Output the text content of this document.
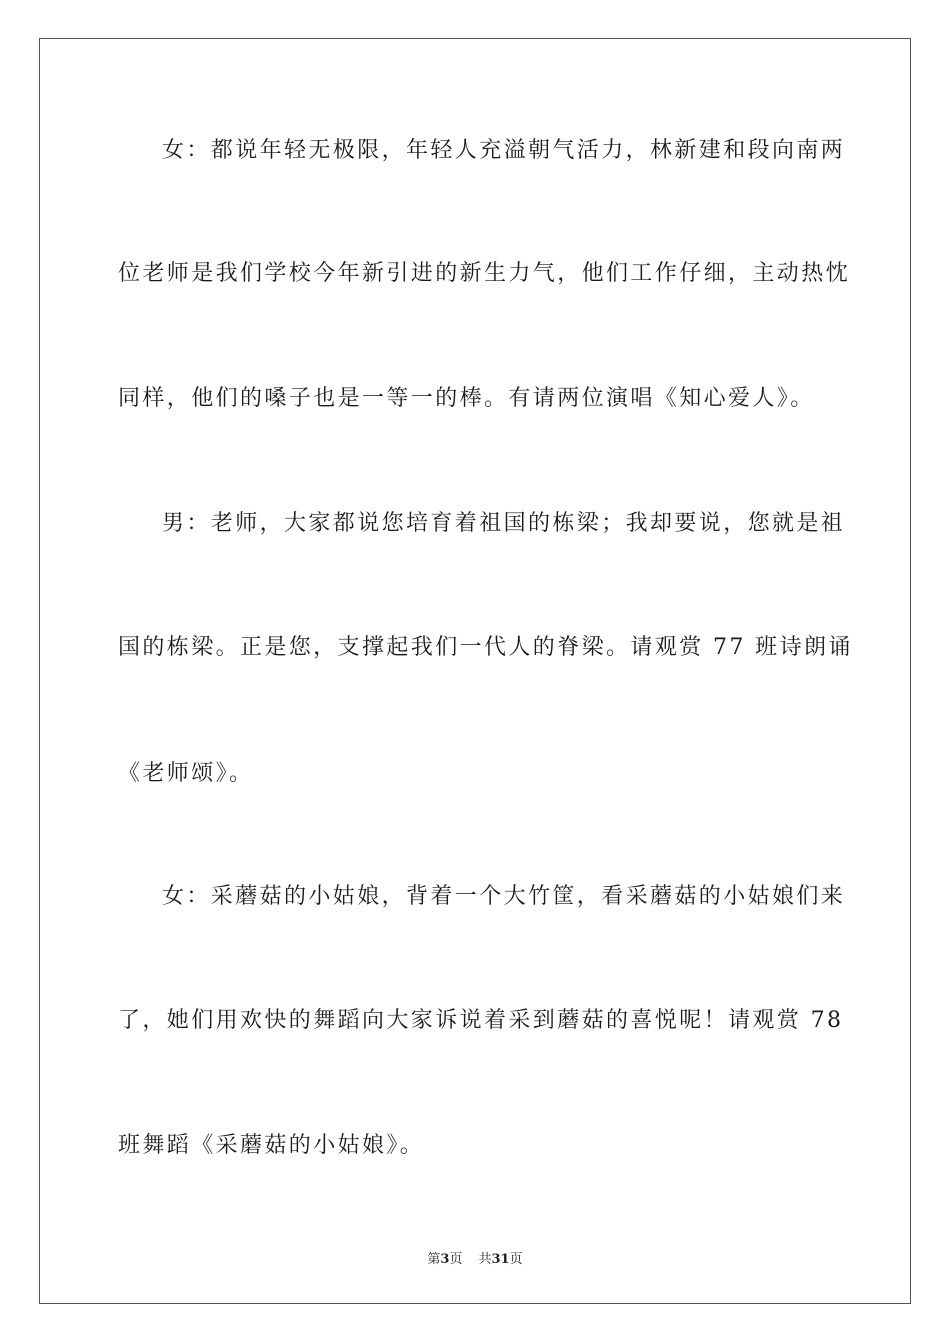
女：都说年轻无极限，年轻人充溢朝气活力，林新建和段向南两
位老师是我们学校今年新引进的新生力气，他们工作仔细，主动热忱
同样，他们的嗓子也是一等一的棒。有请两位演唱《知心爱人》。
男：老师，大家都说您培育着祖国的栋梁；我却要说，您就是祖
国的栋梁。正是您，支撑起我们一代人的脊梁。请观赏 77 班诗朗诵
《老师颂》。
女：采蘑菇的小姑娘，背着一个大竹筐，看采蘑菇的小姑娘们来
了，她们用欢快的舞蹈向大家诉说着采到蘑菇的喜悦呢！请观赏 78
班舞蹈《采蘑菇的小姑娘》。
第3页 共31页
